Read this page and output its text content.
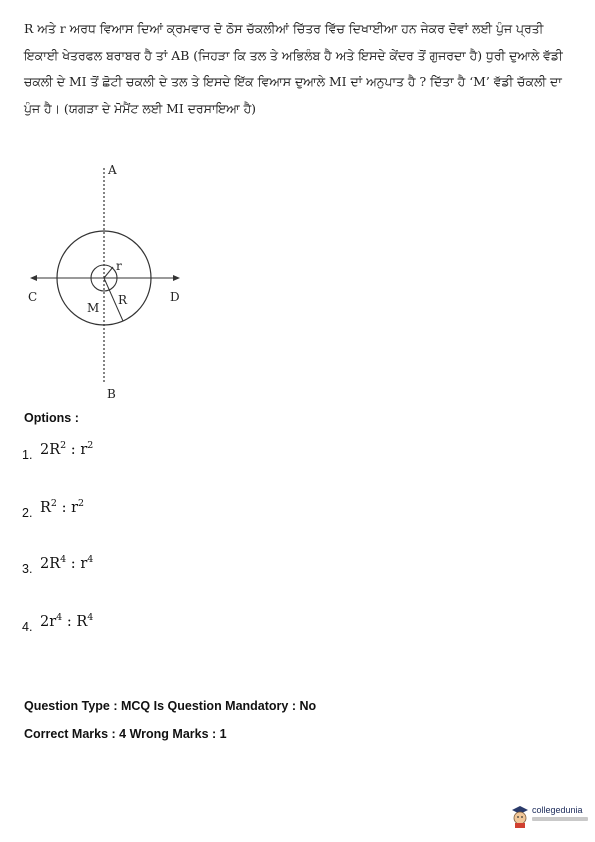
R ਅਤੇ r ਅਰਧ ਵਿਆਸ ਦਿਆਂ ਕ੍ਰਮਵਾਰ ਦੋ ਠੋਸ ਚੱਕਲੀਆਂ ਚਿੱਤਰ ਵਿੱਚ ਦਿਖਾਈਆ ਹਨ ਜੇਕਰ ਦੋਵਾਂ ਲਈ ਪੁੰਜ ਪ੍ਰਤੀ ਇਕਾਈ ਖੇਤਰਫਲ ਬਰਾਬਰ ਹੈ ਤਾਂ AB (ਜਿਹੜਾ ਕਿ ਤਲ ਤੇ ਅਭਿਲੰਬ ਹੈ ਅਤੇ ਇਸਦੇ ਕੇਂਦਰ ਤੋਂ ਗੁਜਰਦਾ ਹੈ) ਧੁਰੀ ਦੁਆਲੇ ਵੱਡੀ ਚਕਲੀ ਦੇ MI ਤੋਂ ਛੋਟੀ ਚਕਲੀ ਦੇ ਤਲ ਤੇ ਇਸਦੇ ਇੱਕ ਵਿਆਸ ਦੁਆਲੇ MI ਦਾਂ ਅਨੁਪਾਤ ਹੈ ? ਦਿੱਤਾ ਹੈ ‘M’ ਵੱਡੀ ਚੱਕਲੀ ਦਾ ਪੁੰਜ ਹੈ। (ਯਗੜਾ ਦੇ ਮੋਮੈਂਟ ਲਈ MI ਦਰਸਾਇਆ ਹੈ)
A
B
C	D
M
R
r
Options :
1. $2R^2$ : $r^2$
2. $R^2$ : $r^2$
3. $2R^4$ : $r^4$
4. $2r^4$ : $R^4$
Question Type : MCQ Is Question Mandatory : No
Correct Marks : 4 Wrong Marks : 1
collegedunia
